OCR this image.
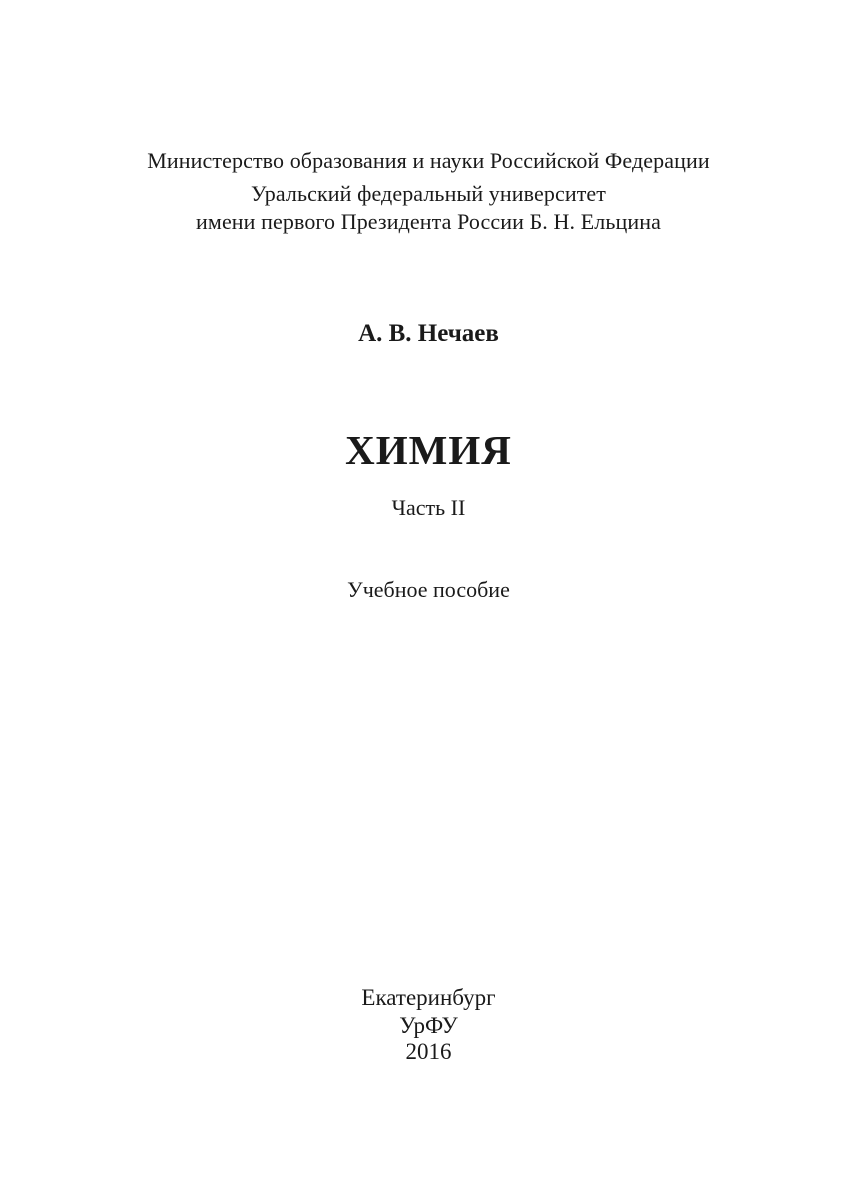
Министерство образования и науки Российской Федерации
Уральский федеральный университет
имени первого Президента России Б. Н. Ельцина
А. В. Нечаев
ХИМИЯ
Часть II
Учебное пособие
Екатеринбург
УрФУ
2016
